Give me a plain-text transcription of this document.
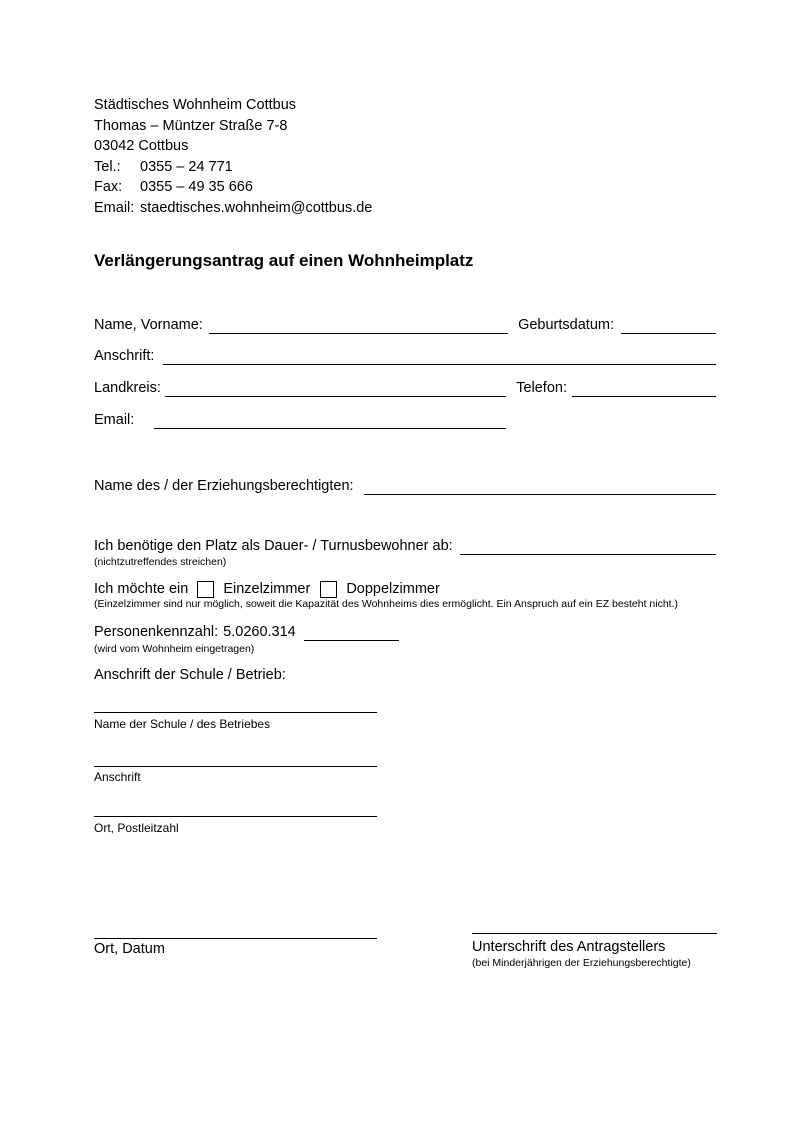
Städtisches Wohnheim Cottbus
Thomas – Müntzer Straße 7-8
03042 Cottbus
Tel.: 0355 – 24 771
Fax: 0355 – 49 35 666
Email: staedtisches.wohnheim@cottbus.de
Verlängerungsantrag auf einen Wohnheimplatz
Name, Vorname:	Geburtsdatum:
Anschrift:
Landkreis:	Telefon:
Email:
Name des / der Erziehungsberechtigten:
Ich benötige den Platz als Dauer- / Turnusbewohner ab:
(nichtzutreffendes streichen)
Ich möchte ein Einzelzimmer Doppelzimmer
(Einzelzimmer sind nur möglich, soweit die Kapazität des Wohnheims dies ermöglicht. Ein Anspruch auf ein EZ besteht nicht.)
Personenkennzahl: 5.0260.314
(wird vom Wohnheim eingetragen)
Anschrift der Schule / Betrieb:
Name der Schule / des Betriebes
Anschrift
Ort, Postleitzahl
Ort, Datum	Unterschrift des Antragstellers
(bei Minderjährigen der Erziehungsberechtigte)
